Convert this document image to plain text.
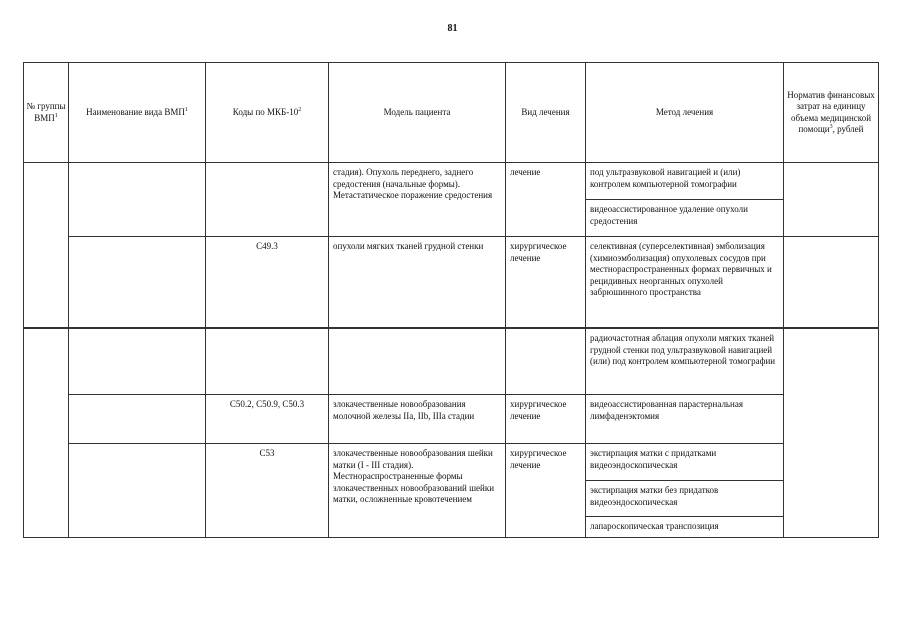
81
№ группы ВМП$^1$	Наименование вида ВМП$^1$	Коды по МКБ-$10^2$	Модель пациента	Вид лечения	Метод лечения	Норматив финансовых затрат на единицу объема медицинской помощи$^3$, рублей
			стадия). Опухоль переднего, заднего средостения (начальные формы). Метастатическое поражение средостения	лечение	под ультразвуковой навигацией и (или) контролем компьютерной томографии	
					видеоассистированное удаление опухоли средостения	
		C49.3	опухоли мягких тканей грудной стенки	хирургическое лечение	селективная (суперселективная) эмболизация (химиоэмболизация) опухолевых сосудов при местнораспространенных формах первичных и рецидивных неорганных опухолей забрюшинного пространства	
					радиочастотная аблация опухоли мягких тканей грудной стенки под ультразвуковой навигацией (или) под контролем компьютерной томографии	
		C50.2, C50.9, C50.3	злокачественные новообразования молочной железы IIa, IIb, IIIa стадии	хирургическое лечение	видеоассистированная парастернальная лимфаденэктомия	
		C53	злокачественные новообразования шейки матки (I - III стадия). Местнораспространенные формы злокачественных новообразований шейки матки, осложненные кровотечением	хирургическое лечение	экстирпация матки с придатками видеоэндоскопическая	
					экстирпация матки без придатков видеоэндоскопическая	
					лапароскопическая транспозиция	
